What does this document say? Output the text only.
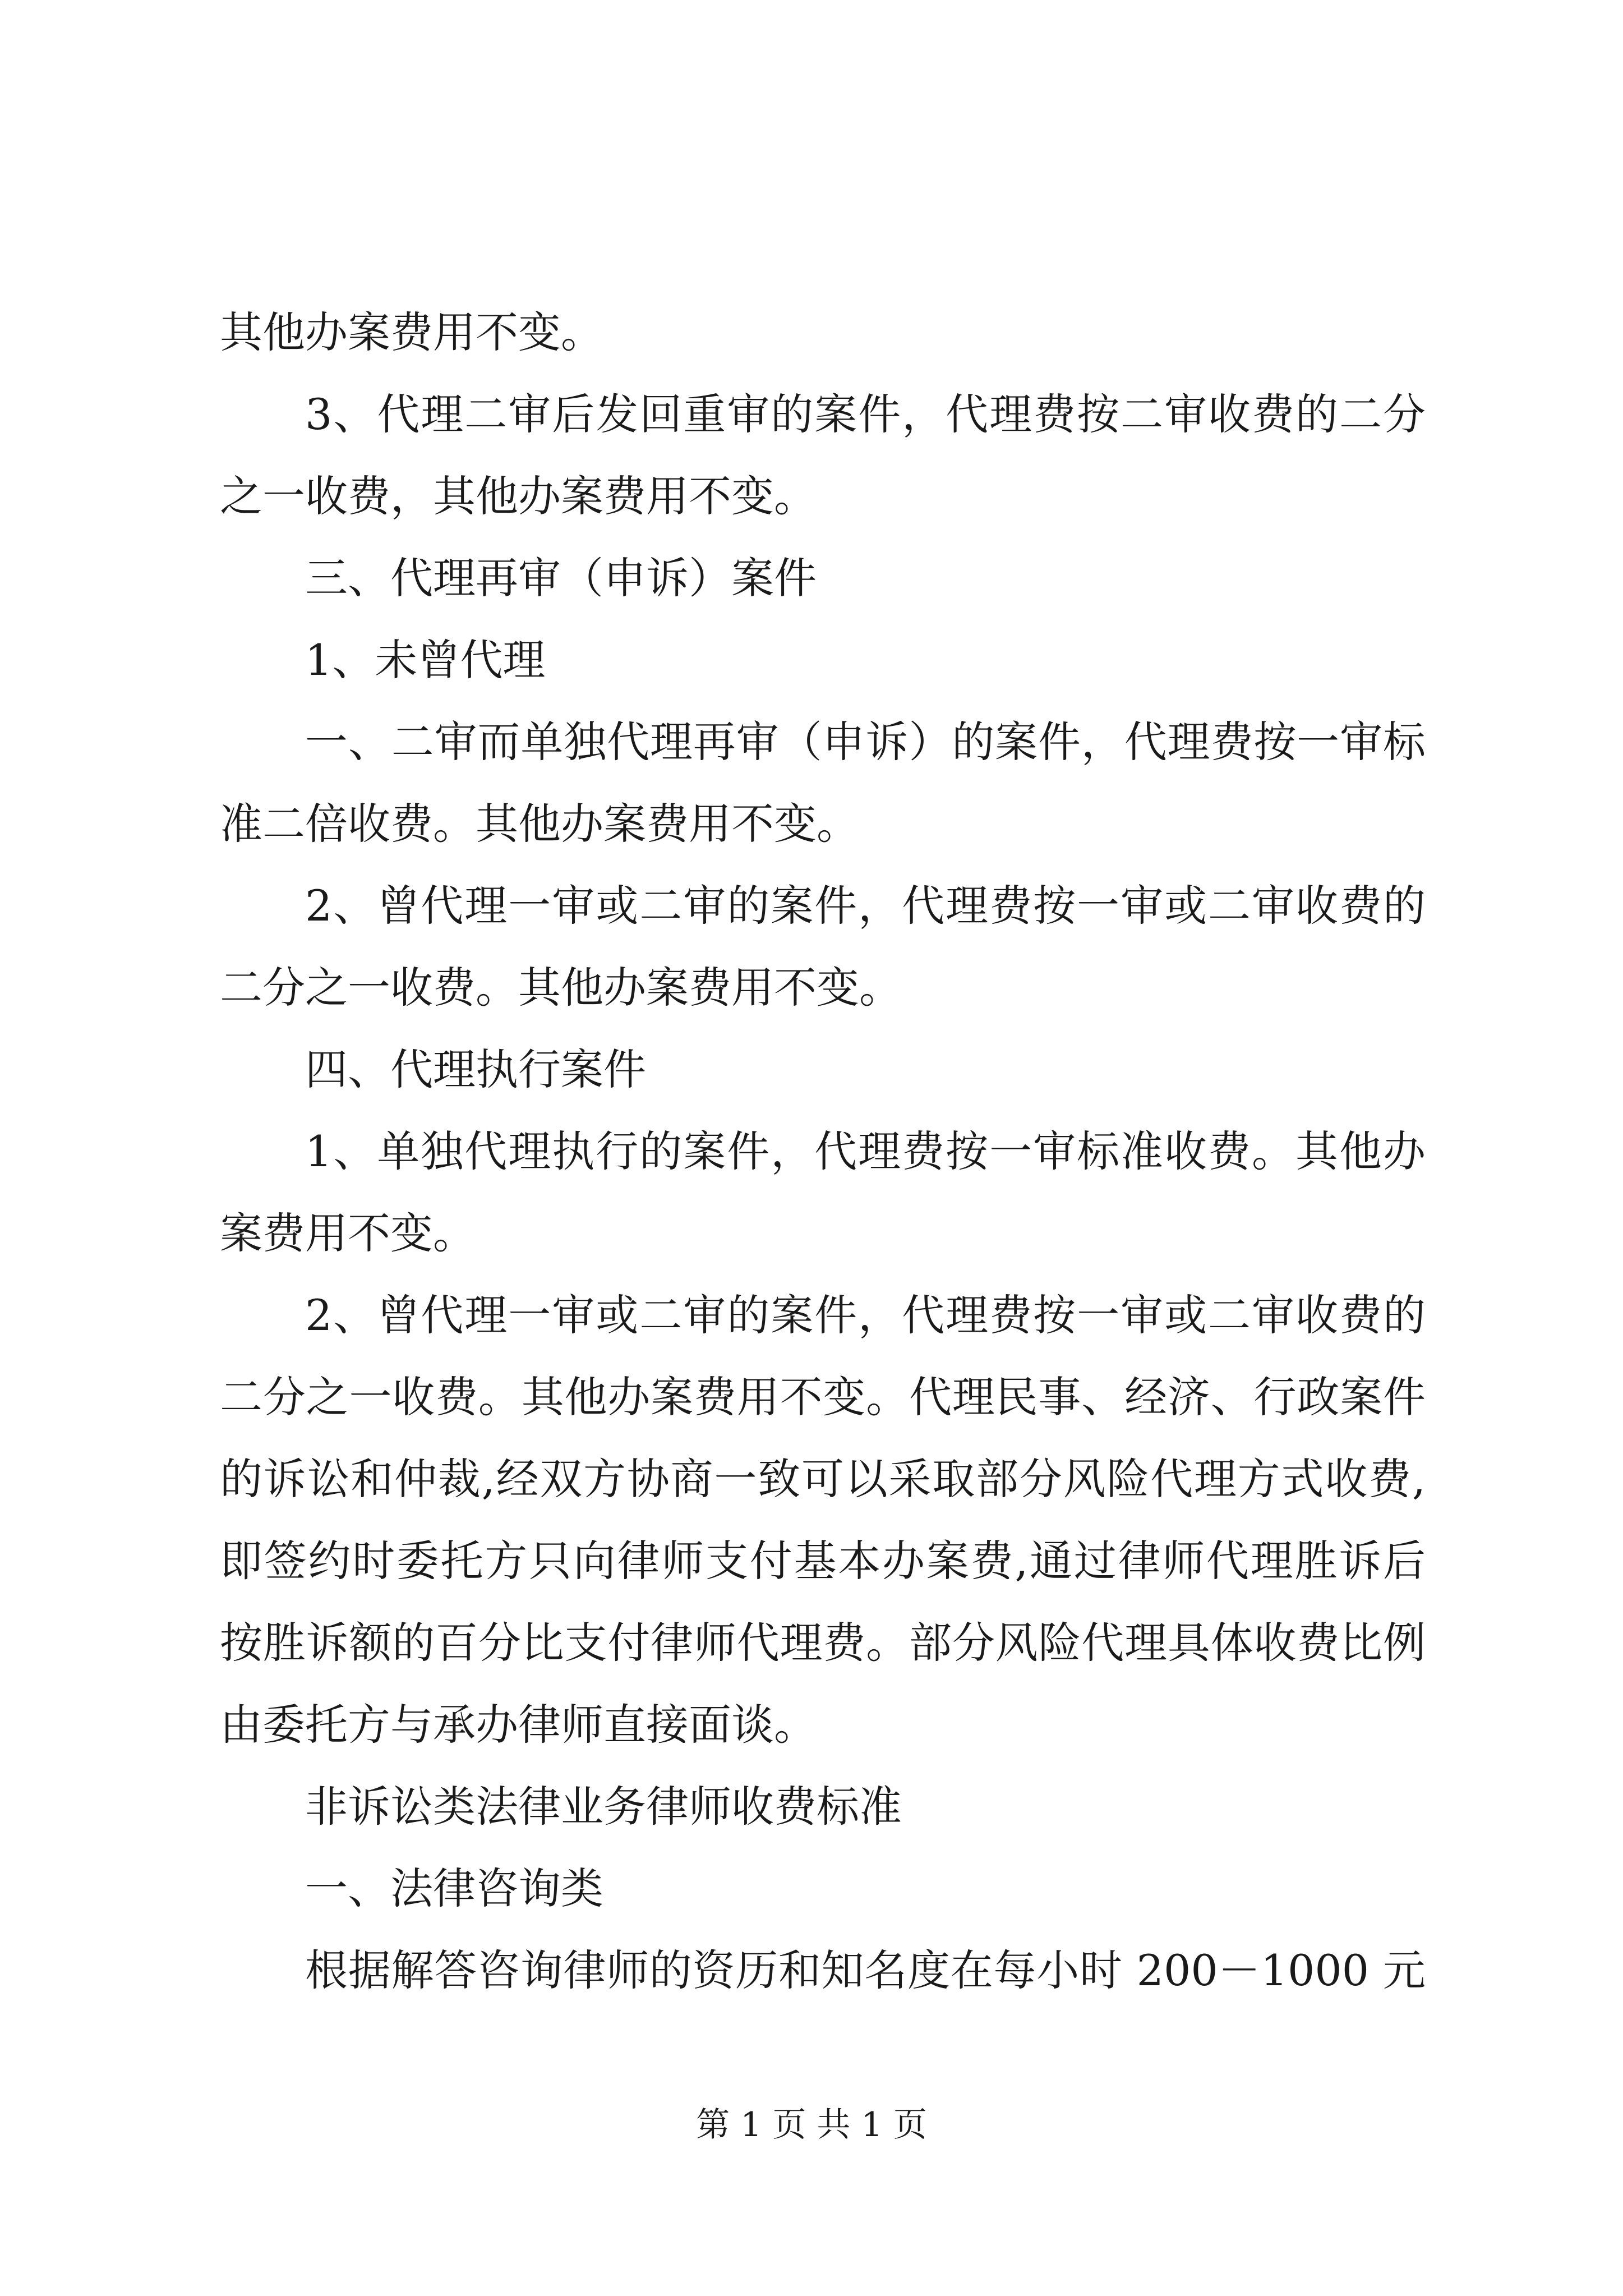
其他办案费用不变。
3、代理二审后发回重审的案件，代理费按二审收费的二分
之一收费，其他办案费用不变。
三、代理再审（申诉）案件
1、未曾代理
一、二审而单独代理再审（申诉）的案件，代理费按一审标
准二倍收费。其他办案费用不变。
2、曾代理一审或二审的案件，代理费按一审或二审收费的
二分之一收费。其他办案费用不变。
四、代理执行案件
1、单独代理执行的案件，代理费按一审标准收费。其他办
案费用不变。
2、曾代理一审或二审的案件，代理费按一审或二审收费的
二分之一收费。其他办案费用不变。代理民事、经济、行政案件
的诉讼和仲裁,经双方协商一致可以采取部分风险代理方式收费,
即签约时委托方只向律师支付基本办案费,通过律师代理胜诉后
按胜诉额的百分比支付律师代理费。部分风险代理具体收费比例
由委托方与承办律师直接面谈。
非诉讼类法律业务律师收费标准
一、法律咨询类
根据解答咨询律师的资历和知名度在每小时 200－1000 元
第 1 页 共 1 页
